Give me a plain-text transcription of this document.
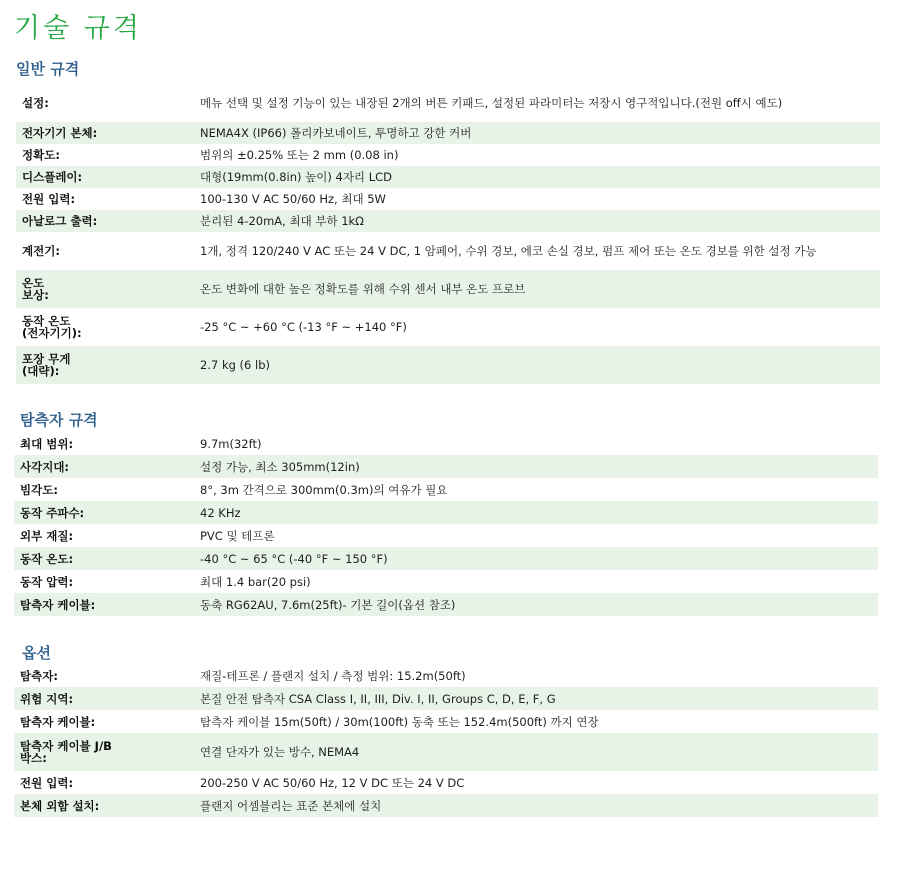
기술 규격
일반 규격
설정:	메뉴 선택 및 설정 기능이 있는 내장된 2개의 버튼 키패드, 설정된 파라미터는 저장시 영구적입니다.(전원 off시 예도)
전자기기 본체:	NEMA4X (IP66) 폴리카보네이트, 투명하고 강한 커버
정확도:	범위의 ±0.25% 또는 2 mm (0.08 in)
디스플레이:	대형(19mm(0.8in) 높이) 4자리 LCD
전원 입력:	100-130 V AC 50/60 Hz, 최대 5W
아날로그 출력:	분리된 4-20mA, 최대 부하 1kΩ
계전기:	1개, 정격 120/240 V AC 또는 24 V DC, 1 암페어, 수위 경보, 에코 손실 경보, 펌프 제어 또는 온도 경보를 위한 설정 가능
온도
보상:	온도 변화에 대한 높은 정확도를 위해 수위 센서 내부 온도 프로브
동작 온도
(전자기기):	-25 °C ~ +60 °C (-13 °F ~ +140 °F)
포장 무게
(대략):	2.7 kg (6 lb)
탐측자 규격
최대 범위:	9.7m(32ft)
사각지대:	설정 가능, 최소 305mm(12in)
빔각도:	8°, 3m 간격으로 300mm(0.3m)의 여유가 필요
동작 주파수:	42 KHz
외부 재질:	PVC 및 테프론
동작 온도:	-40 °C ~ 65 °C (-40 °F ~ 150 °F)
동작 압력:	최대 1.4 bar(20 psi)
탐측자 케이블:	동축 RG62AU, 7.6m(25ft)- 기본 길이(옵션 참조)
옵션
탐측자:	재질-테프론 / 플랜지 설치 / 측정 범위: 15.2m(50ft)
위험 지역:	본질 안전 탐측자 CSA Class I, II, III, Div. I, II, Groups C, D, E, F, G
탐측자 케이블:	탐측자 케이블 15m(50ft) / 30m(100ft) 동축 또는 152.4m(500ft) 까지 연장
탐측자 케이블 J/B
박스:	연결 단자가 있는 방수, NEMA4
전원 입력:	200-250 V AC 50/60 Hz, 12 V DC 또는 24 V DC
본체 외함 설치:	플랜지 어셈블리는 표준 본체에 설치
